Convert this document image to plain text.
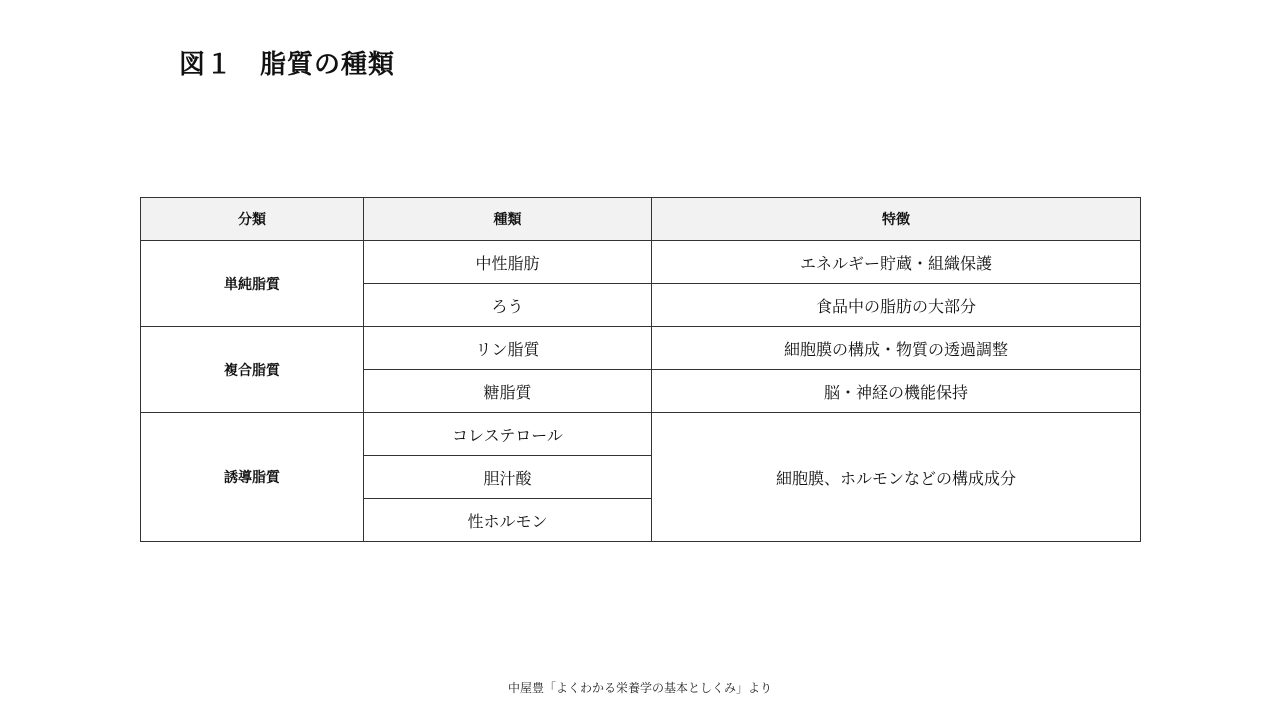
図１　脂質の種類
分類	種類	特徴
単純脂質	中性脂肪	エネルギー貯蔵・組織保護
	ろう	食品中の脂肪の大部分
複合脂質	リン脂質	細胞膜の構成・物質の透過調整
	糖脂質	脳・神経の機能保持
誘導脂質	コレステロール	細胞膜、ホルモンなどの構成成分
	胆汁酸	
	性ホルモン	
中屋豊「よくわかる栄養学の基本としくみ」より
